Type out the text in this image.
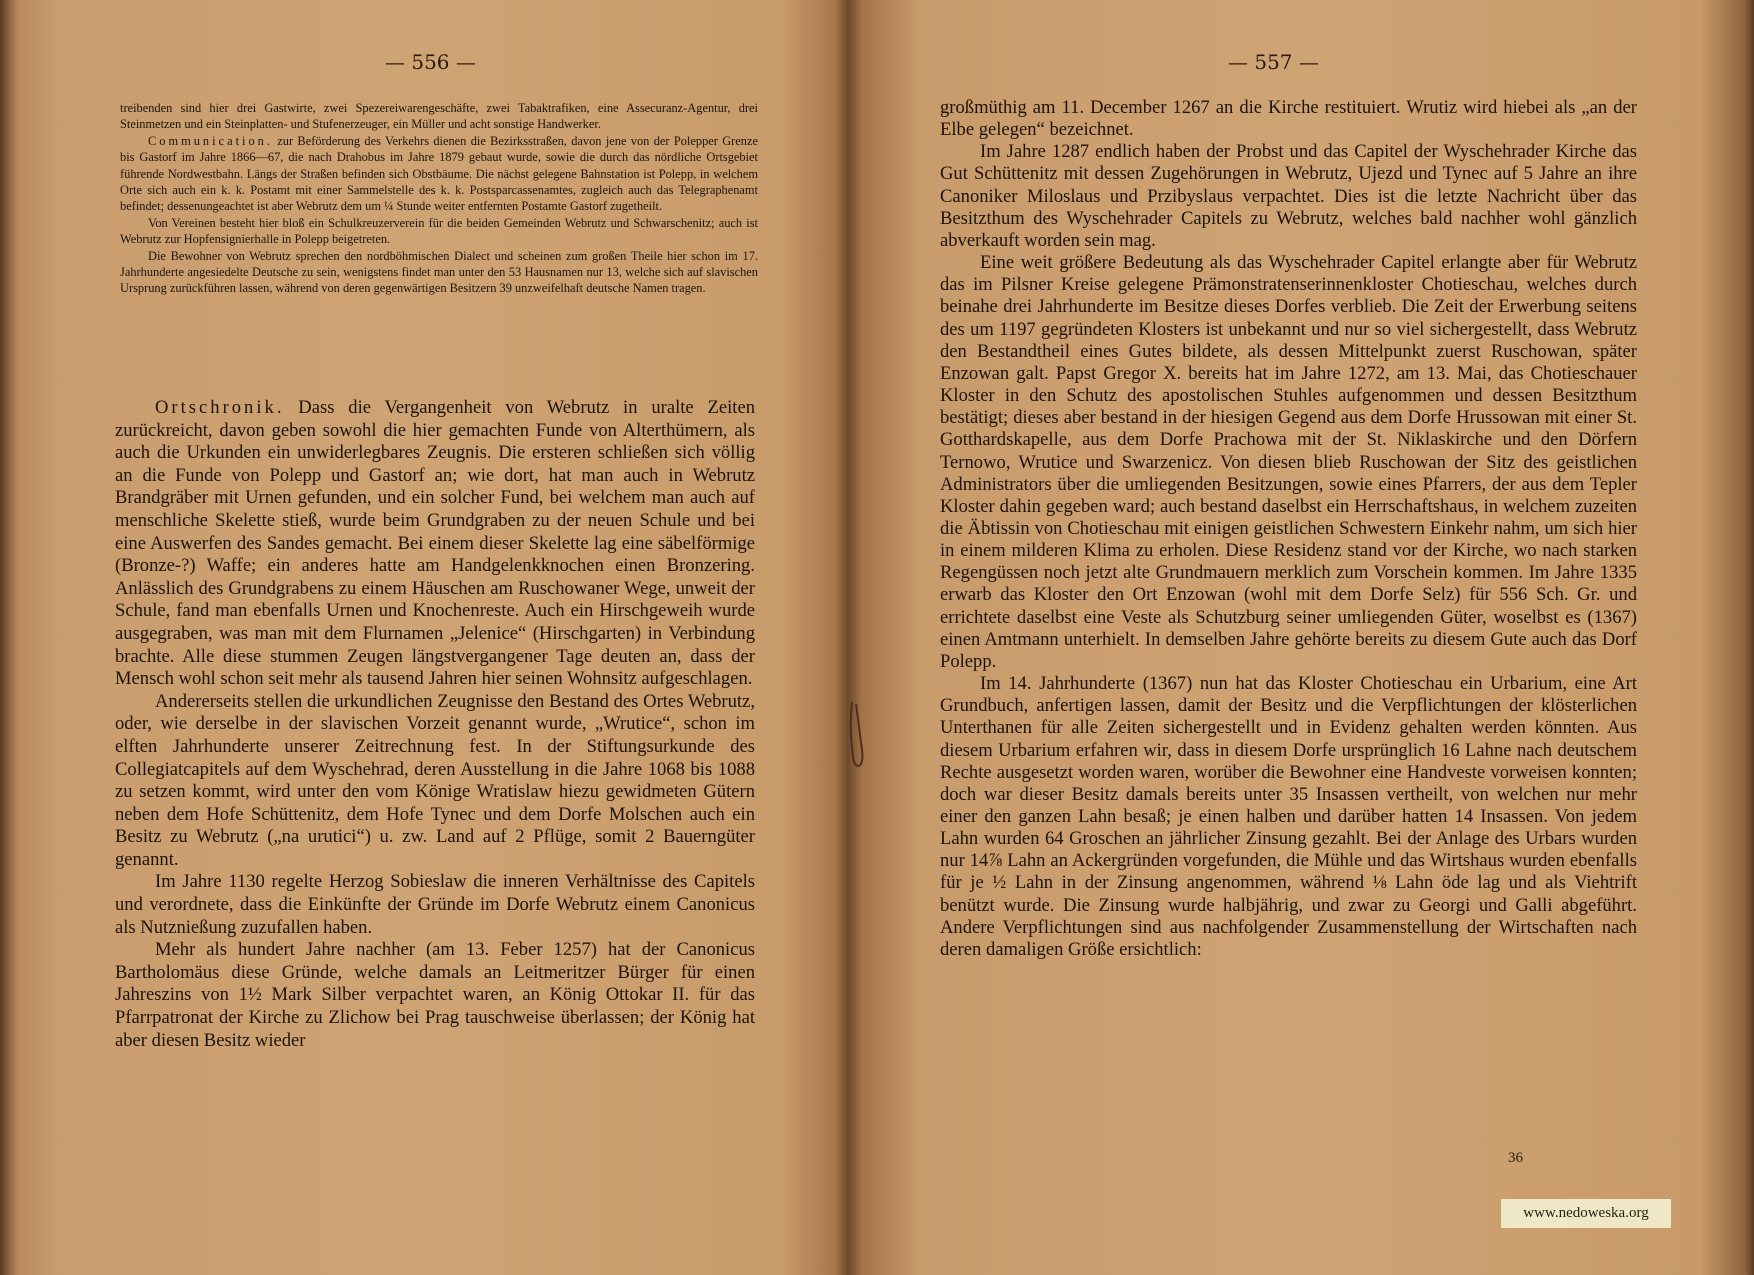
— 556 —

treibenden sind hier drei Gastwirte, zwei Spezereiwarengeschäfte, zwei Tabaktrafiken, eine Assecuranz-Agentur, drei Steinmetzen und ein Steinplatten- und Stufenerzeuger, ein Müller und acht sonstige Handwerker.

Communication. zur Beförderung des Verkehrs dienen die Bezirksstraßen, davon jene von der Polepper Grenze bis Gastorf im Jahre 1866—67, die nach Drahobus im Jahre 1879 gebaut wurde, sowie die durch das nördliche Ortsgebiet führende Nordwestbahn. Längs der Straßen befinden sich Obstbäume. Die nächst gelegene Bahnstation ist Polepp, in welchem Orte sich auch ein k. k. Postamt mit einer Sammelstelle des k. k. Postsparcassenamtes, zugleich auch das Telegraphenamt befindet; dessenungeachtet ist aber Webrutz dem um ¼ Stunde weiter entfernten Postamte Gastorf zugetheilt.

Von Vereinen besteht hier bloß ein Schulkreuzerverein für die beiden Gemeinden Webrutz und Schwarschenitz; auch ist Webrutz zur Hopfensignierhalle in Polepp beigetreten.

Die Bewohner von Webrutz sprechen den nordböhmischen Dialect und scheinen zum großen Theile hier schon im 17. Jahrhunderte angesiedelte Deutsche zu sein, wenigstens findet man unter den 53 Hausnamen nur 13, welche sich auf slavischen Ursprung zurückführen lassen, während von deren gegenwärtigen Besitzern 39 unzweifelhaft deutsche Namen tragen.

Ortschronik. Dass die Vergangenheit von Webrutz in uralte Zeiten zurückreicht, davon geben sowohl die hier gemachten Funde von Alterthümern, als auch die Urkunden ein unwiderlegbares Zeugnis. Die ersteren schließen sich völlig an die Funde von Polepp und Gastorf an; wie dort, hat man auch in Webrutz Brandgräber mit Urnen gefunden, und ein solcher Fund, bei welchem man auch auf menschliche Skelette stieß, wurde beim Grundgraben zu der neuen Schule und bei eine Auswerfen des Sandes gemacht. Bei einem dieser Skelette lag eine säbelförmige (Bronze-?) Waffe; ein anderes hatte am Handgelenkknochen einen Bronzering. Anlässlich des Grundgrabens zu einem Häuschen am Ruschowaner Wege, unweit der Schule, fand man ebenfalls Urnen und Knochenreste. Auch ein Hirschgeweih wurde ausgegraben, was man mit dem Flurnamen „Jelenice“ (Hirschgarten) in Verbindung brachte. Alle diese stummen Zeugen längstvergangener Tage deuten an, dass der Mensch wohl schon seit mehr als tausend Jahren hier seinen Wohnsitz aufgeschlagen.

Andererseits stellen die urkundlichen Zeugnisse den Bestand des Ortes Webrutz, oder, wie derselbe in der slavischen Vorzeit genannt wurde, „Wrutice“, schon im elften Jahrhunderte unserer Zeitrechnung fest. In der Stiftungsurkunde des Collegiatcapitels auf dem Wyschehrad, deren Ausstellung in die Jahre 1068 bis 1088 zu setzen kommt, wird unter den vom Könige Wratislaw hiezu gewidmeten Gütern neben dem Hofe Schüttenitz, dem Hofe Tynec und dem Dorfe Molschen auch ein Besitz zu Webrutz („na urutici“) u. zw. Land auf 2 Pflüge, somit 2 Bauerngüter genannt.

Im Jahre 1130 regelte Herzog Sobieslaw die inneren Verhältnisse des Capitels und verordnete, dass die Einkünfte der Gründe im Dorfe Webrutz einem Canonicus als Nutznießung zuzufallen haben.

Mehr als hundert Jahre nachher (am 13. Feber 1257) hat der Canonicus Bartholomäus diese Gründe, welche damals an Leitmeritzer Bürger für einen Jahreszins von 1½ Mark Silber verpachtet waren, an König Ottokar II. für das Pfarrpatronat der Kirche zu Zlichow bei Prag tauschweise überlassen; der König hat aber diesen Besitz wieder

— 557 —

großmüthig am 11. December 1267 an die Kirche restituiert. Wrutiz wird hiebei als „an der Elbe gelegen“ bezeichnet.

Im Jahre 1287 endlich haben der Probst und das Capitel der Wyschehrader Kirche das Gut Schüttenitz mit dessen Zugehörungen in Webrutz, Ujezd und Tynec auf 5 Jahre an ihre Canoniker Miloslaus und Przibyslaus verpachtet. Dies ist die letzte Nachricht über das Besitzthum des Wyschehrader Capitels zu Webrutz, welches bald nachher wohl gänzlich abverkauft worden sein mag.

Eine weit größere Bedeutung als das Wyschehrader Capitel erlangte aber für Webrutz das im Pilsner Kreise gelegene Prämonstratenserinnenkloster Chotieschau, welches durch beinahe drei Jahrhunderte im Besitze dieses Dorfes verblieb. Die Zeit der Erwerbung seitens des um 1197 gegründeten Klosters ist unbekannt und nur so viel sichergestellt, dass Webrutz den Bestandtheil eines Gutes bildete, als dessen Mittelpunkt zuerst Ruschowan, später Enzowan galt. Papst Gregor X. bereits hat im Jahre 1272, am 13. Mai, das Chotieschauer Kloster in den Schutz des apostolischen Stuhles aufgenommen und dessen Besitzthum bestätigt; dieses aber bestand in der hiesigen Gegend aus dem Dorfe Hrussowan mit einer St. Gotthardskapelle, aus dem Dorfe Prachowa mit der St. Niklaskirche und den Dörfern Ternowo, Wrutice und Swarzenicz. Von diesen blieb Ruschowan der Sitz des geistlichen Administrators über die umliegenden Besitzungen, sowie eines Pfarrers, der aus dem Tepler Kloster dahin gegeben ward; auch bestand daselbst ein Herrschaftshaus, in welchem zuzeiten die Äbtissin von Chotieschau mit einigen geistlichen Schwestern Einkehr nahm, um sich hier in einem milderen Klima zu erholen. Diese Residenz stand vor der Kirche, wo nach starken Regengüssen noch jetzt alte Grundmauern merklich zum Vorschein kommen. Im Jahre 1335 erwarb das Kloster den Ort Enzowan (wohl mit dem Dorfe Selz) für 556 Sch. Gr. und errichtete daselbst eine Veste als Schutzburg seiner umliegenden Güter, woselbst es (1367) einen Amtmann unterhielt. In demselben Jahre gehörte bereits zu diesem Gute auch das Dorf Polepp.

Im 14. Jahrhunderte (1367) nun hat das Kloster Chotieschau ein Urbarium, eine Art Grundbuch, anfertigen lassen, damit der Besitz und die Verpflichtungen der klösterlichen Unterthanen für alle Zeiten sichergestellt und in Evidenz gehalten werden könnten. Aus diesem Urbarium erfahren wir, dass in diesem Dorfe ursprünglich 16 Lahne nach deutschem Rechte ausgesetzt worden waren, worüber die Bewohner eine Handveste vorweisen konnten; doch war dieser Besitz damals bereits unter 35 Insassen vertheilt, von welchen nur mehr einer den ganzen Lahn besaß; je einen halben und darüber hatten 14 Insassen. Von jedem Lahn wurden 64 Groschen an jährlicher Zinsung gezahlt. Bei der Anlage des Urbars wurden nur 14⅞ Lahn an Ackergründen vorgefunden, die Mühle und das Wirtshaus wurden ebenfalls für je ½ Lahn in der Zinsung angenommen, während ⅛ Lahn öde lag und als Viehtrift benützt wurde. Die Zinsung wurde halbjährig, und zwar zu Georgi und Galli abgeführt. Andere Verpflichtungen sind aus nachfolgender Zusammenstellung der Wirtschaften nach deren damaligen Größe ersichtlich:

36
www.nedoweska.org
